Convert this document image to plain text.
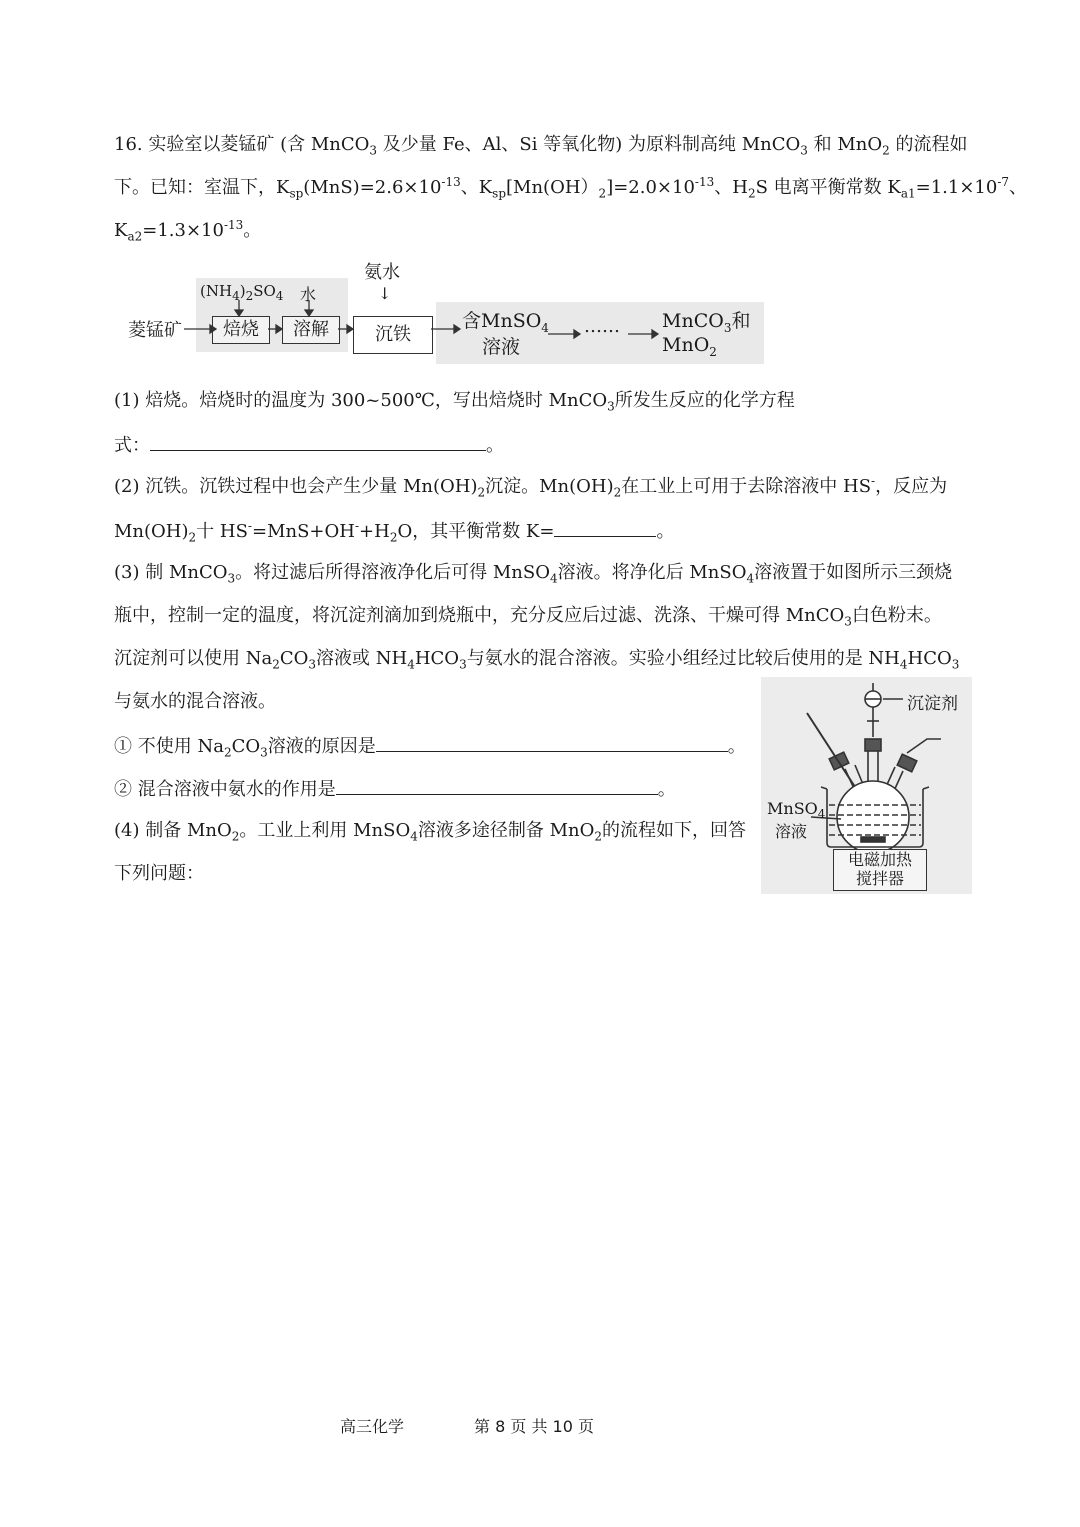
16. 实验室以菱锰矿 (含 MnCO$_3$ 及少量 Fe、Al、Si 等氧化物) 为原料制高纯 MnCO$_3$ 和 MnO$_2$ 的流程如
下。已知：室温下，$K_{sp}(MnS)=2.6\times 10^{-13}$、$K_{sp}[Mn(OH)_2]=2.0\times 10^{-13}$、$H_2S$ 电离平衡常数 $K_{a1}=1.1\times 10^{-7}$、
$K_{a2}=1.3\times 10^{-13}$。
氨水
↓
菱锰矿
$(NH_4)_2SO_4$ 水
焙烧	溶解	沉铁
含MnSO$_4$
溶液
…… MnCO$_3$和
MnO$_2$
(1) 焙烧。焙烧时的温度为 300~500℃，写出焙烧时 MnCO$_3$所发生反应的化学方程
式：	。
(2) 沉铁。沉铁过程中也会产生少量 $Mn(OH)_2$沉淀。$Mn(OH)_2$在工业上可用于去除溶液中 HS-，反应为
$Mn(OH)_2$十 $HS^-=MnS+OH^-+H_2O$，其平衡常数 K=	。
(3) 制 MnCO$_3$。将过滤后所得溶液净化后可得 MnSO$_4$溶液。将净化后 MnSO$_4$溶液置于如图所示三颈烧
瓶中，控制一定的温度，将沉淀剂滴加到烧瓶中，充分反应后过滤、洗涤、干燥可得 MnCO$_3$白色粉末。
沉淀剂可以使用 $Na_2CO_3$溶液或 $NH_4HCO_3$与氨水的混合溶液。实验小组经过比较后使用的是 $NH_4HCO_3$
与氨水的混合溶液。
① 不使用 $Na_2CO_3$溶液的原因是	。
② 混合溶液中氨水的作用是	。
(4) 制备 MnO$_2$。工业上利用 MnSO$_4$溶液多途径制备 MnO$_2$的流程如下，回答
下列问题：
沉淀剂
MnSO$_4$
溶液
电磁加热
搅拌器
高三化学	第 8 页 共 10 页
